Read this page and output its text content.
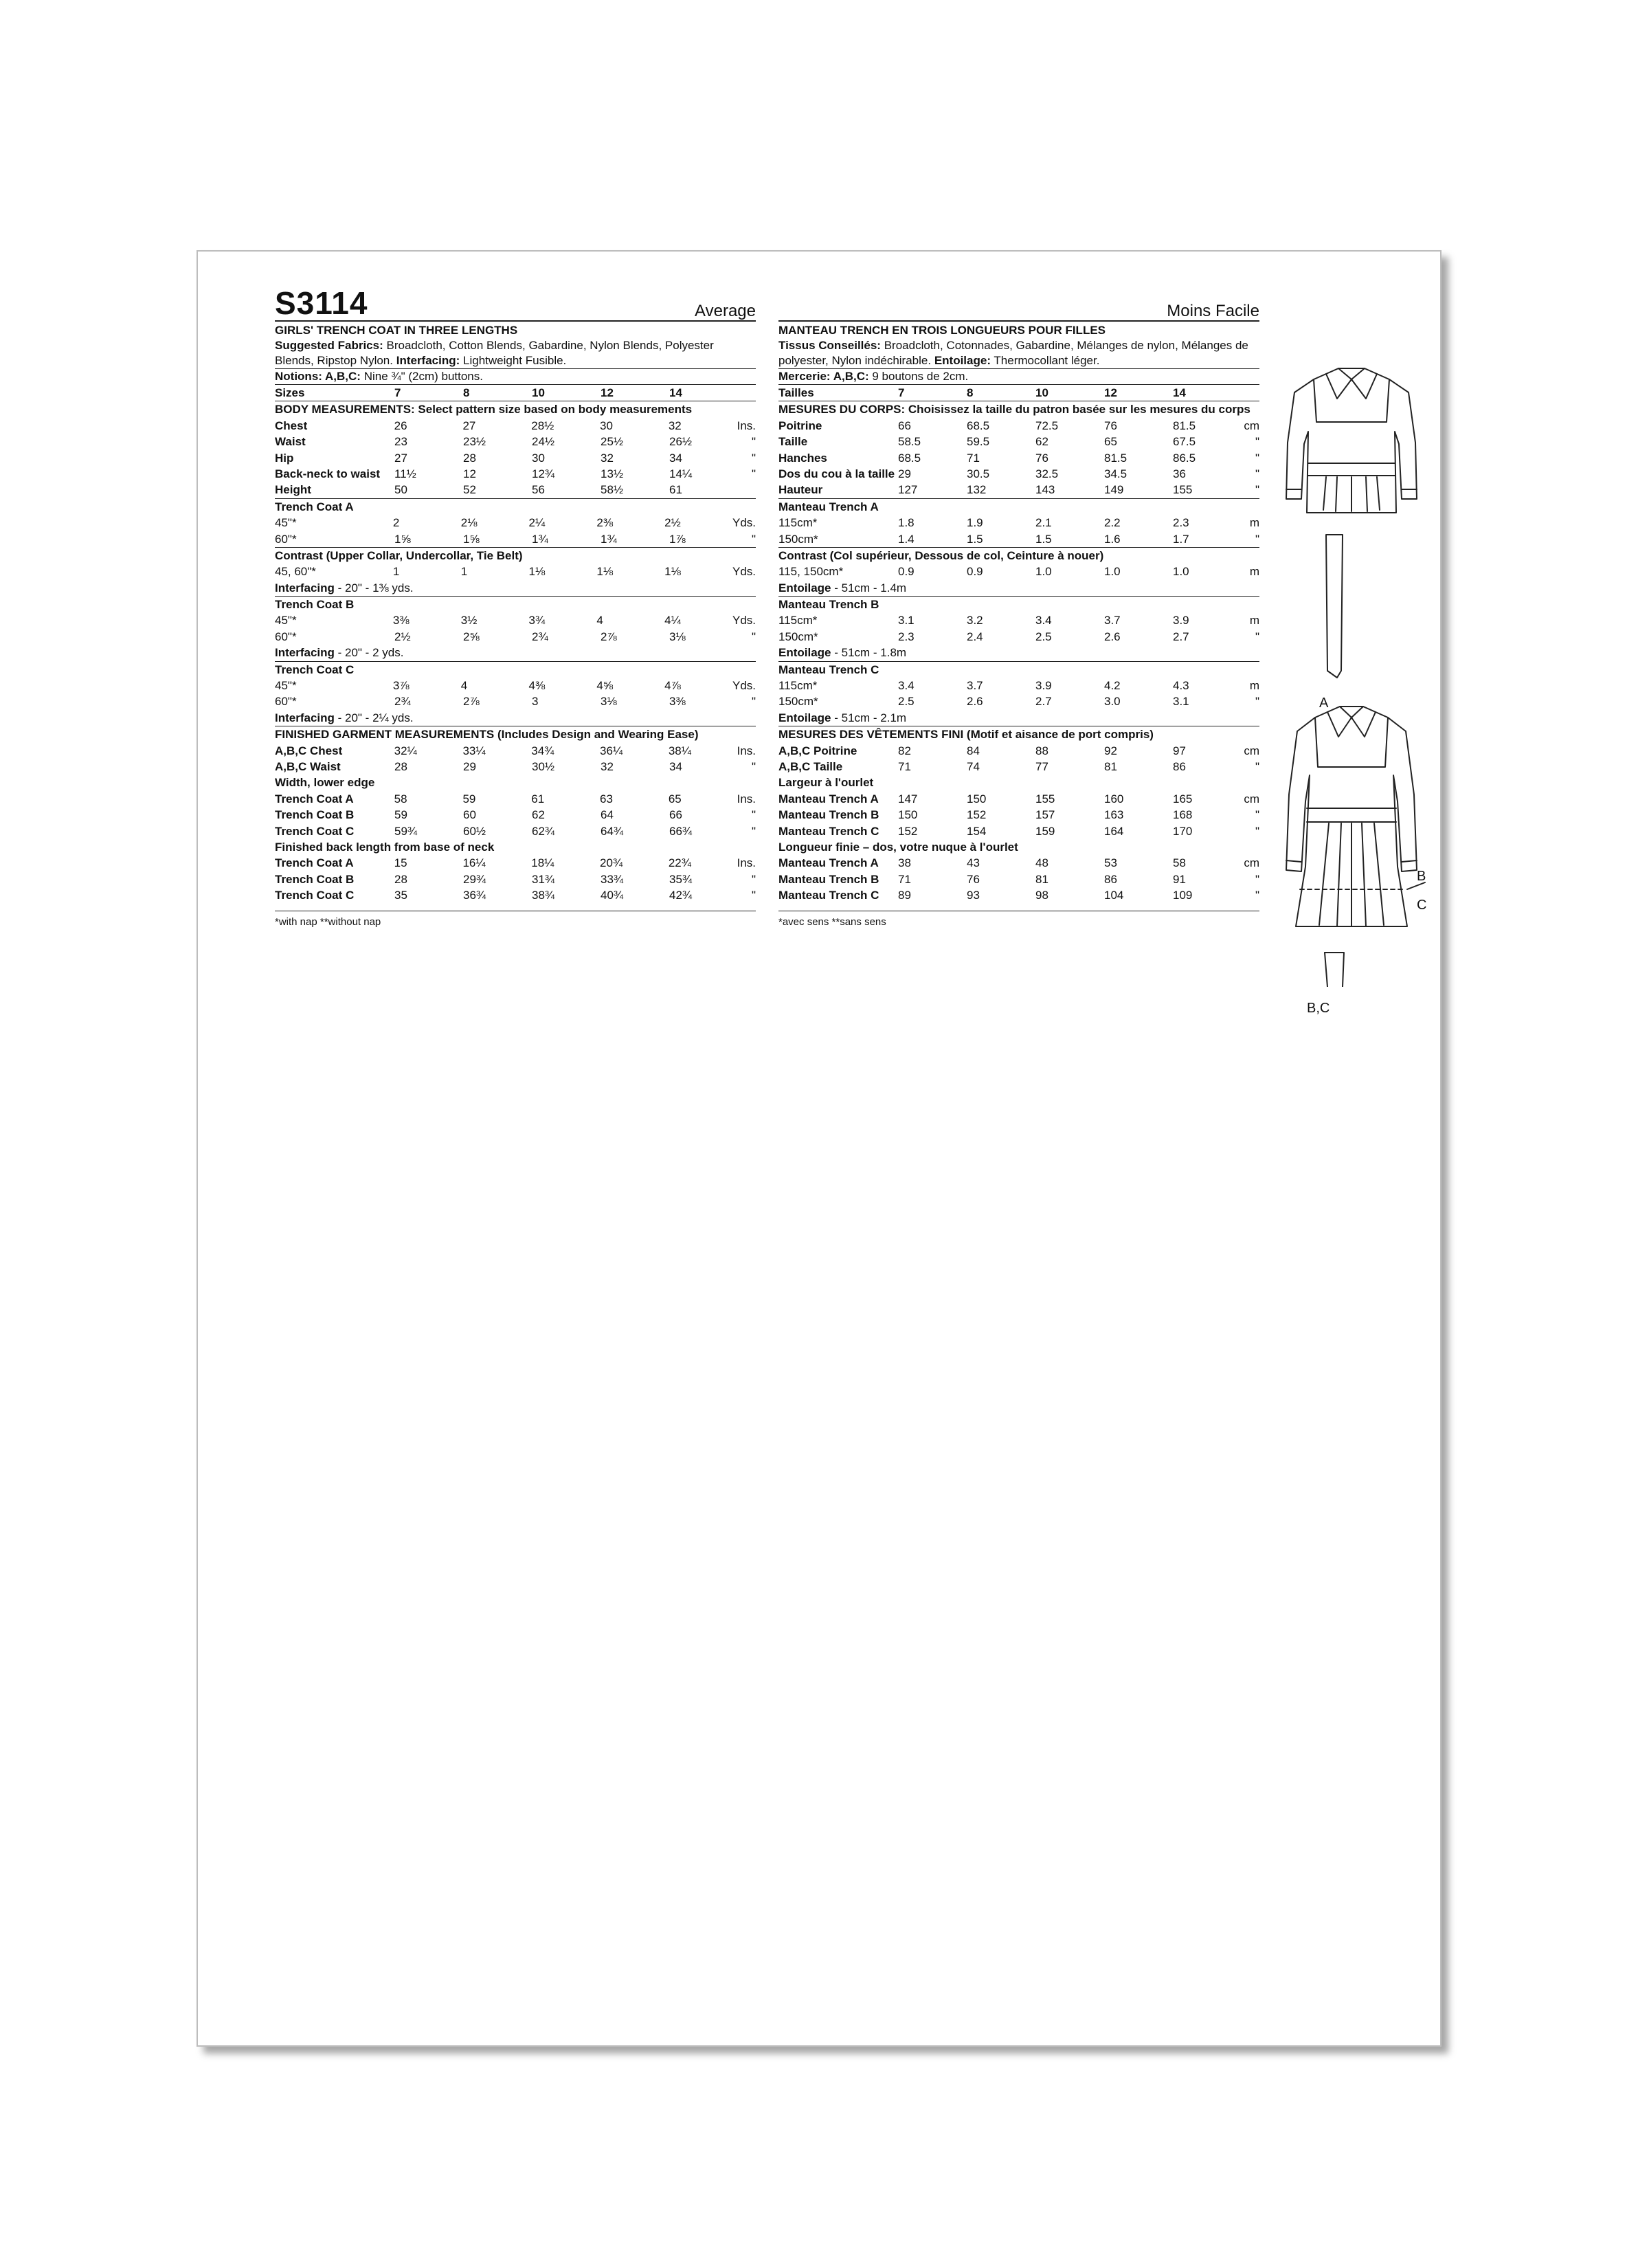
S3114	Average
GIRLS' TRENCH COAT IN THREE LENGTHS
Suggested Fabrics: Broadcloth, Cotton Blends, Gabardine, Nylon Blends, Polyester Blends, Ripstop Nylon. Interfacing: Lightweight Fusible.
Notions: A,B,C: Nine ¾" (2cm) buttons.
Sizes	7	8	10	12	14
BODY MEASUREMENTS: Select pattern size based on body measurements
Chest	26	27	28½	30	32	Ins.
Waist	23	23½	24½	25½	26½	"
Hip	27	28	30	32	34	"
Back-neck to waist	11½	12	12¾	13½	14¼	"
Height	50	52	56	58½	61
Trench Coat A
45"*	2	2⅛	2¼	2⅜	2½	Yds.
60"*	1⅝	1⅝	1¾	1¾	1⅞	"
Contrast (Upper Collar, Undercollar, Tie Belt)
45, 60"*	1	1	1⅛	1⅛	1⅛	Yds.
Interfacing - 20" - 1⅜ yds.
Trench Coat B
45"*	3⅜	3½	3¾	4	4¼	Yds.
60"*	2½	2⅝	2¾	2⅞	3⅛	"
Interfacing - 20" - 2 yds.
Trench Coat C
45"*	3⅞	4	4⅜	4⅝	4⅞	Yds.
60"*	2¾	2⅞	3	3⅛	3⅜	"
Interfacing - 20" - 2¼ yds.
FINISHED GARMENT MEASUREMENTS (Includes Design and Wearing Ease)
A,B,C Chest	32¼	33¼	34¾	36¼	38¼	Ins.
A,B,C Waist	28	29	30½	32	34	"
Width, lower edge
Trench Coat A	58	59	61	63	65	Ins.
Trench Coat B	59	60	62	64	66	"
Trench Coat C	59¾	60½	62¾	64¾	66¾	"
Finished back length from base of neck
Trench Coat A	15	16¼	18¼	20¾	22¾	Ins.
Trench Coat B	28	29¾	31¾	33¾	35¾	"
Trench Coat C	35	36¾	38¾	40¾	42¾	"
*with nap **without nap
Moins Facile
MANTEAU TRENCH EN TROIS LONGUEURS POUR FILLES
Tissus Conseillés: Broadcloth, Cotonnades, Gabardine, Mélanges de nylon, Mélanges de polyester, Nylon indéchirable. Entoilage: Thermocollant léger.
Mercerie: A,B,C: 9 boutons de 2cm.
Tailles	7	8	10	12	14
MESURES DU CORPS: Choisissez la taille du patron basée sur les mesures du corps
Poitrine	66	68.5	72.5	76	81.5	cm
Taille	58.5	59.5	62	65	67.5	"
Hanches	68.5	71	76	81.5	86.5	"
Dos du cou à la taille 29	30.5	32.5	34.5	36	"
Hauteur	127	132	143	149	155	"
Manteau Trench A
115cm*	1.8	1.9	2.1	2.2	2.3	m
150cm*	1.4	1.5	1.5	1.6	1.7	"
Contrast (Col supérieur, Dessous de col, Ceinture à nouer)
115, 150cm*	0.9	0.9	1.0	1.0	1.0	m
Entoilage - 51cm - 1.4m
Manteau Trench B
115cm*	3.1	3.2	3.4	3.7	3.9	m
150cm*	2.3	2.4	2.5	2.6	2.7	"
Entoilage - 51cm - 1.8m
Manteau Trench C
115cm*	3.4	3.7	3.9	4.2	4.3	m
150cm*	2.5	2.6	2.7	3.0	3.1	"
Entoilage - 51cm - 2.1m
MESURES DES VÊTEMENTS FINI (Motif et aisance de port compris)
A,B,C Poitrine	82	84	88	92	97	cm
A,B,C Taille	71	74	77	81	86	"
Largeur à l'ourlet
Manteau Trench A	147	150	155	160	165	cm
Manteau Trench B	150	152	157	163	168	"
Manteau Trench C	152	154	159	164	170	"
Longueur finie – dos, votre nuque à l'ourlet
Manteau Trench A	38	43	48	53	58	cm
Manteau Trench B	71	76	81	86	91	"
Manteau Trench C	89	93	98	104	109	"
*avec sens **sans sens
A
B
C
B,C
